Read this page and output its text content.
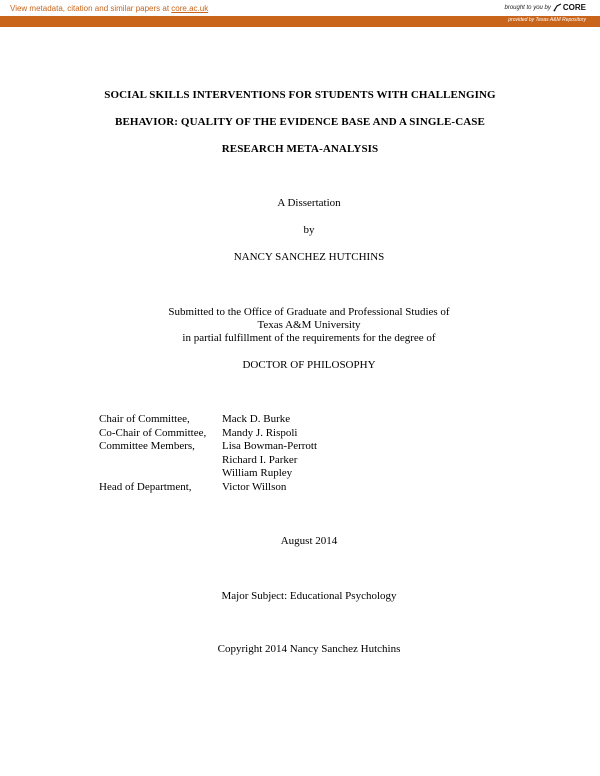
View metadata, citation and similar papers at core.ac.uk	brought to you by CORE
provided by Texas A&M Repository
SOCIAL SKILLS INTERVENTIONS FOR STUDENTS WITH CHALLENGING
BEHAVIOR: QUALITY OF THE EVIDENCE BASE AND A SINGLE-CASE
RESEARCH META-ANALYSIS
A Dissertation
by
NANCY SANCHEZ HUTCHINS
Submitted to the Office of Graduate and Professional Studies of
Texas A&M University
in partial fulfillment of the requirements for the degree of
DOCTOR OF PHILOSOPHY
Chair of Committee,	Mack D. Burke
Co-Chair of Committee,	Mandy J. Rispoli
Committee Members,	Lisa Bowman-Perrott
Richard I. Parker
William Rupley
Head of Department,	Victor Willson
August 2014
Major Subject: Educational Psychology
Copyright 2014 Nancy Sanchez Hutchins
